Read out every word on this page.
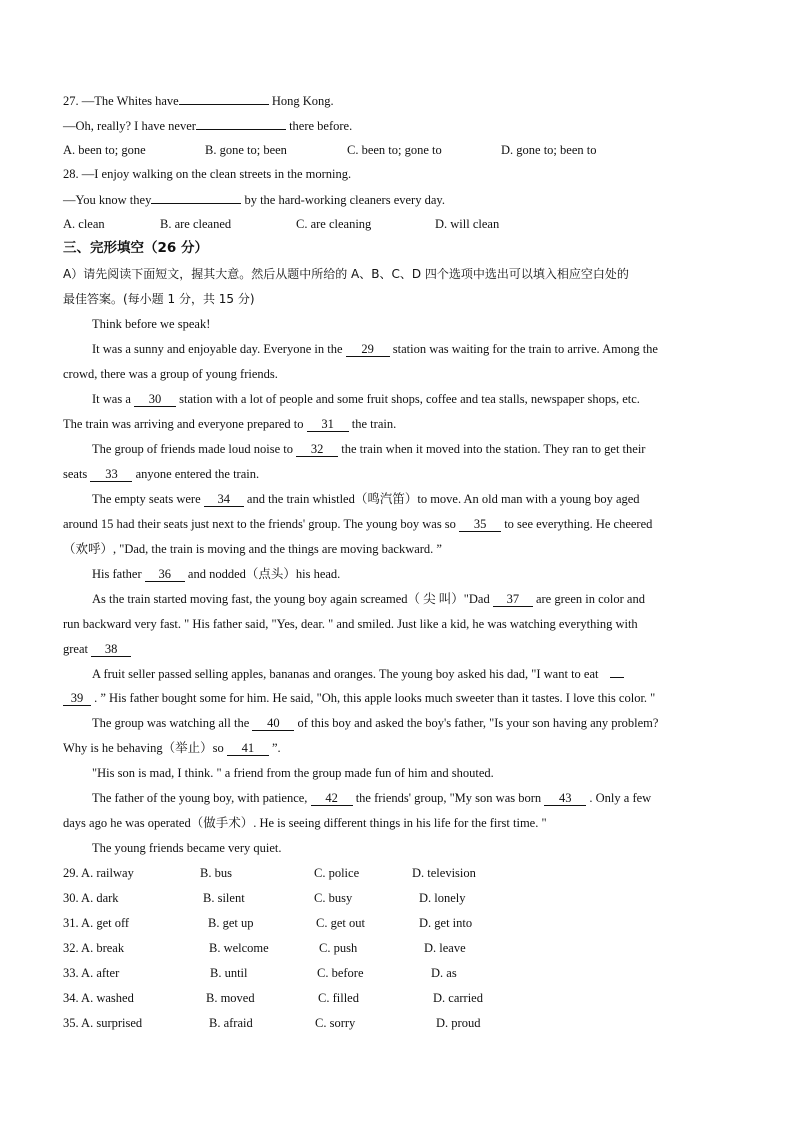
27. —The Whites have	Hong Kong.
—Oh, really? I have never	there before.
A. been to; gone	B. gone to; been	C. been to; gone to	D. gone to; been to
28. —I enjoy walking on the clean streets in the morning.
—You know they	by the hard-working cleaners every day.
A. clean	B. are cleaned	C. are cleaning	D. will clean
三、完形填空（26 分）
A）请先阅读下面短文，握其大意。然后从题中所给的 A、B、C、D 四个选项中选出可以填入相应空白处的
最佳答案。(每小题 1 分，共 15 分)
Think before we speak!
It was a sunny and enjoyable day. Everyone in the 29 station was waiting for the train to arrive. Among the
crowd, there was a group of young friends.
It was a 30 station with a lot of people and some fruit shops, coffee and tea stalls, newspaper shops, etc.
The train was arriving and everyone prepared to 31 the train.
The group of friends made loud noise to 32 the train when it moved into the station. They ran to get their
seats 33 anyone entered the train.
The empty seats were 34 and the train whistled（鸣汽笛）to move. An old man with a young boy aged
around 15 had their seats just next to the friends' group. The young boy was so 35 to see everything. He cheered
（欢呼）, "Dad, the train is moving and the things are moving backward. ”
His father 36 and nodded（点头）his head.
As the train started moving fast, the young boy again screamed（ 尖 叫）"Dad 37 are green in color and
run backward very fast. " His father said, "Yes, dear. " and smiled. Just like a kid, he was watching everything with
great 38
A fruit seller passed selling apples, bananas and oranges. The young boy asked his dad, "I want to eat
39 . ” His father bought some for him. He said, "Oh, this apple looks much sweeter than it tastes. I love this color. "
The group was watching all the 40 of this boy and asked the boy's father, "Is your son having any problem?
Why is he behaving（举止）so 41 ”.
"His son is mad, I think. " a friend from the group made fun of him and shouted.
The father of the young boy, with patience, 42 the friends' group, "My son was born 43 . Only a few
days ago he was operated（做手术）. He is seeing different things in his life for the first time. "
The young friends became very quiet.
29. A. railway	B. bus	C. police	D. television
30. A. dark	B. silent	C. busy	D. lonely
31. A. get off	B. get up	C. get out	D. get into
32. A. break	B. welcome	C. push	D. leave
33. A. after	B. until	C. before	D. as
34. A. washed	B. moved	C. filled	D. carried
35. A. surprised	B. afraid	C. sorry	D. proud
